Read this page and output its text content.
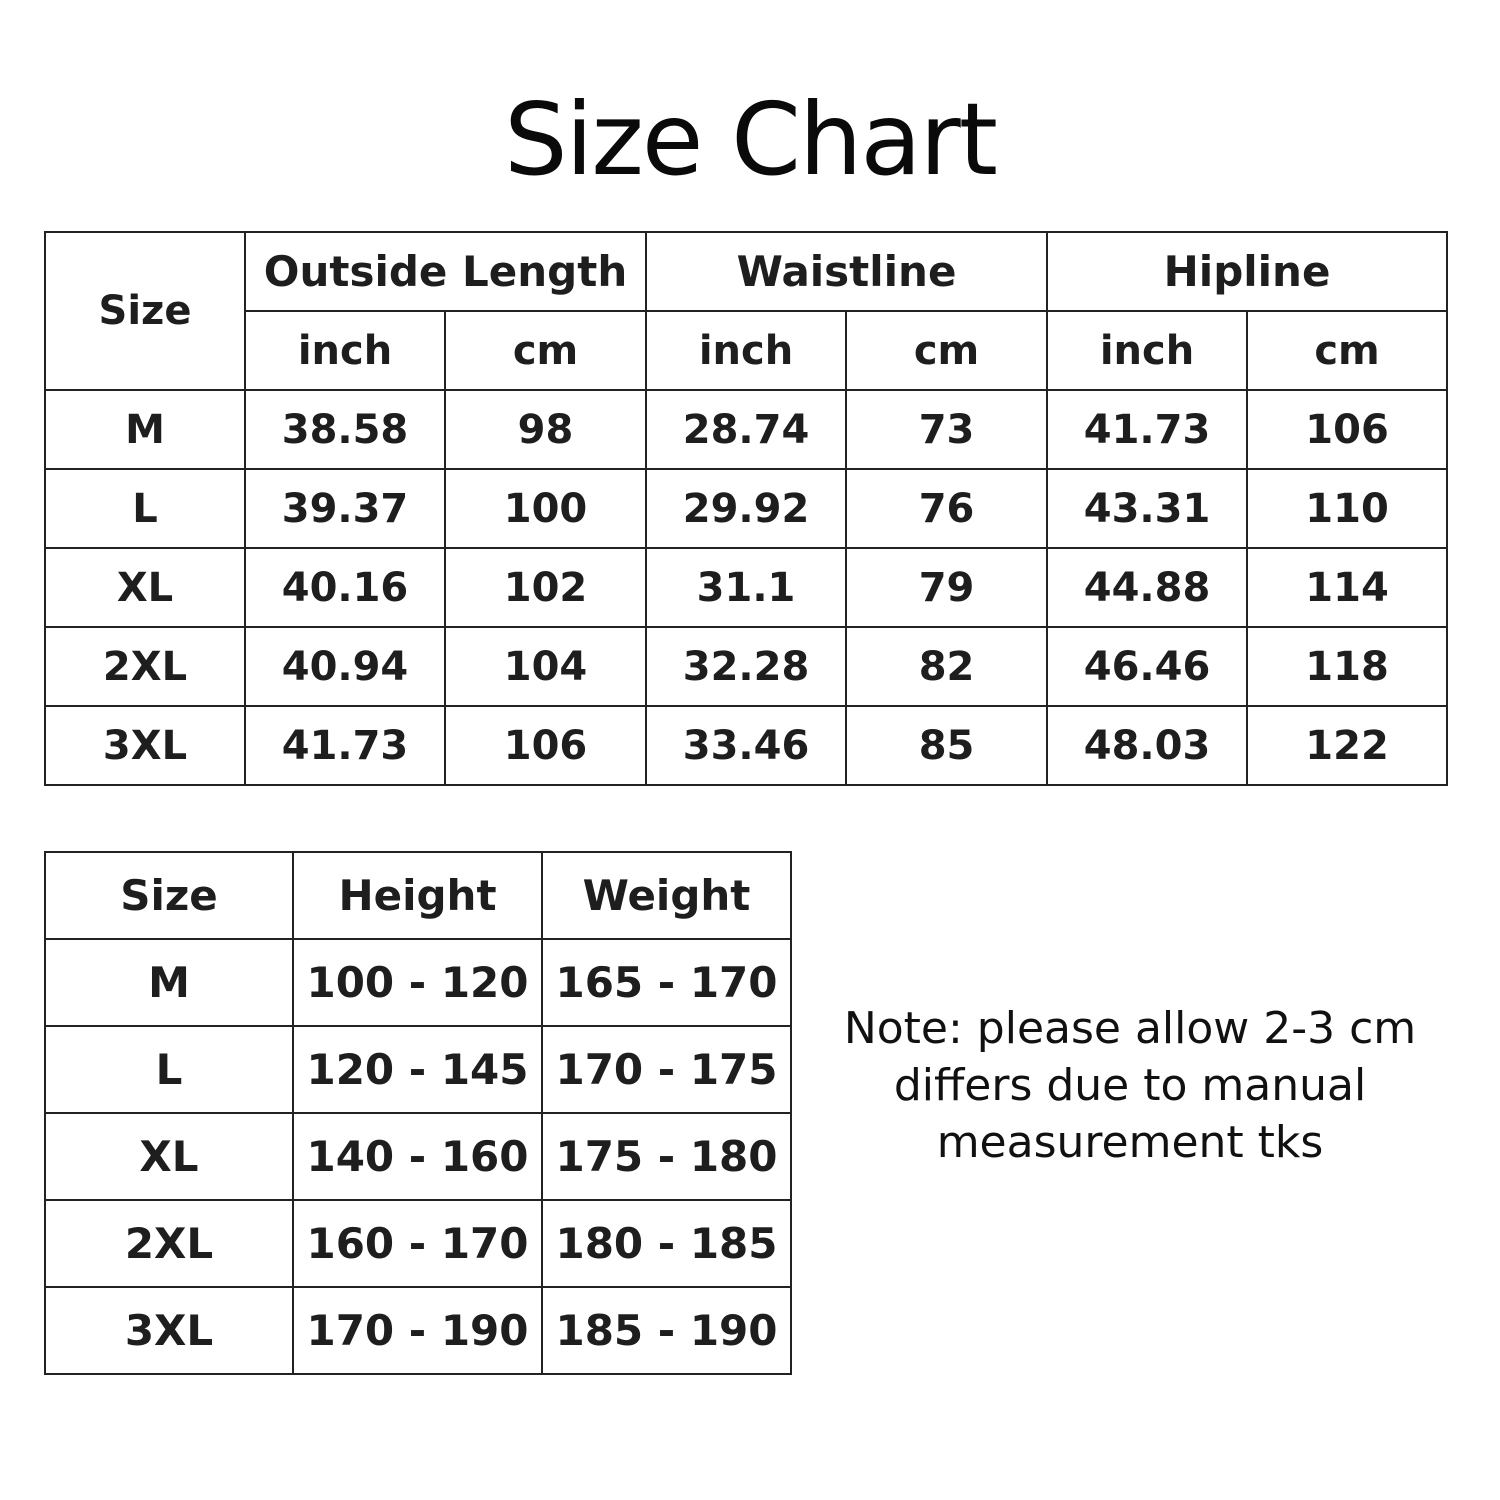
Size Chart
Size	Outside Length		Waistline		Hipline	
	inch	cm	inch	cm	inch	cm
M	38.58	98	28.74	73	41.73	106
L	39.37	100	29.92	76	43.31	110
XL	40.16	102	31.1	79	44.88	114
2XL	40.94	104	32.28	82	46.46	118
3XL	41.73	106	33.46	85	48.03	122
Size	Height	Weight
M	100 - 120	165 - 170
L	120 - 145	170 - 175
XL	140 - 160	175 - 180
2XL	160 - 170	180 - 185
3XL	170 - 190	185 - 190
Note: please allow 2-3 cm
differs due to manual
measurement tks
